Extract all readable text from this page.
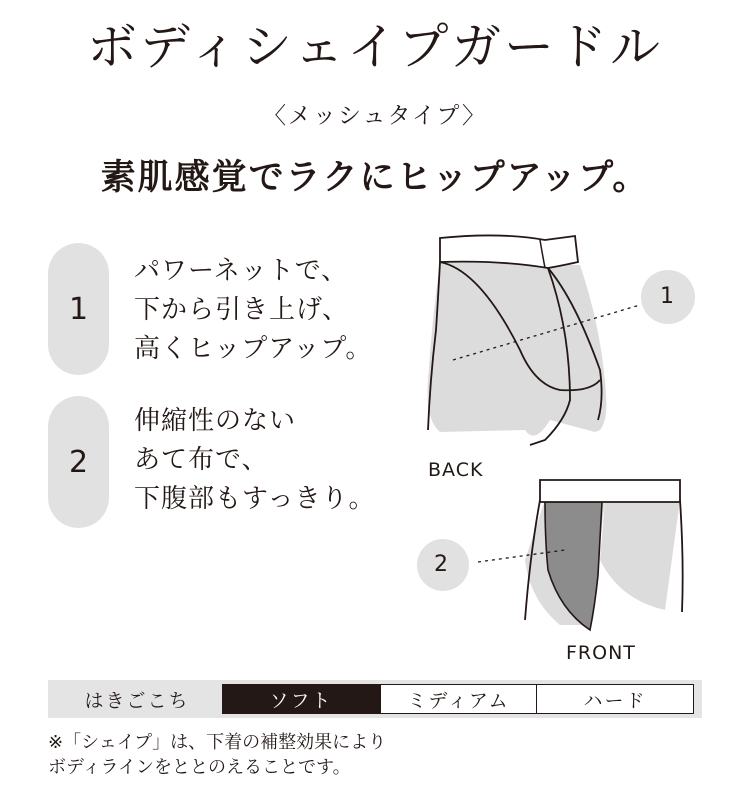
ボディシェイプガードル
〈メッシュタイプ〉
素肌感覚でラクにヒップアップ。
1
パワーネットで、
下から引き上げ、
高くヒップアップ。
2
伸縮性のない
あて布で、
下腹部もすっきり。
1
2
BACK
FRONT
はきごこち	ソフト	ミディアム	ハード
※「シェイプ」は、下着の補整効果により
ボディラインをととのえることです。
